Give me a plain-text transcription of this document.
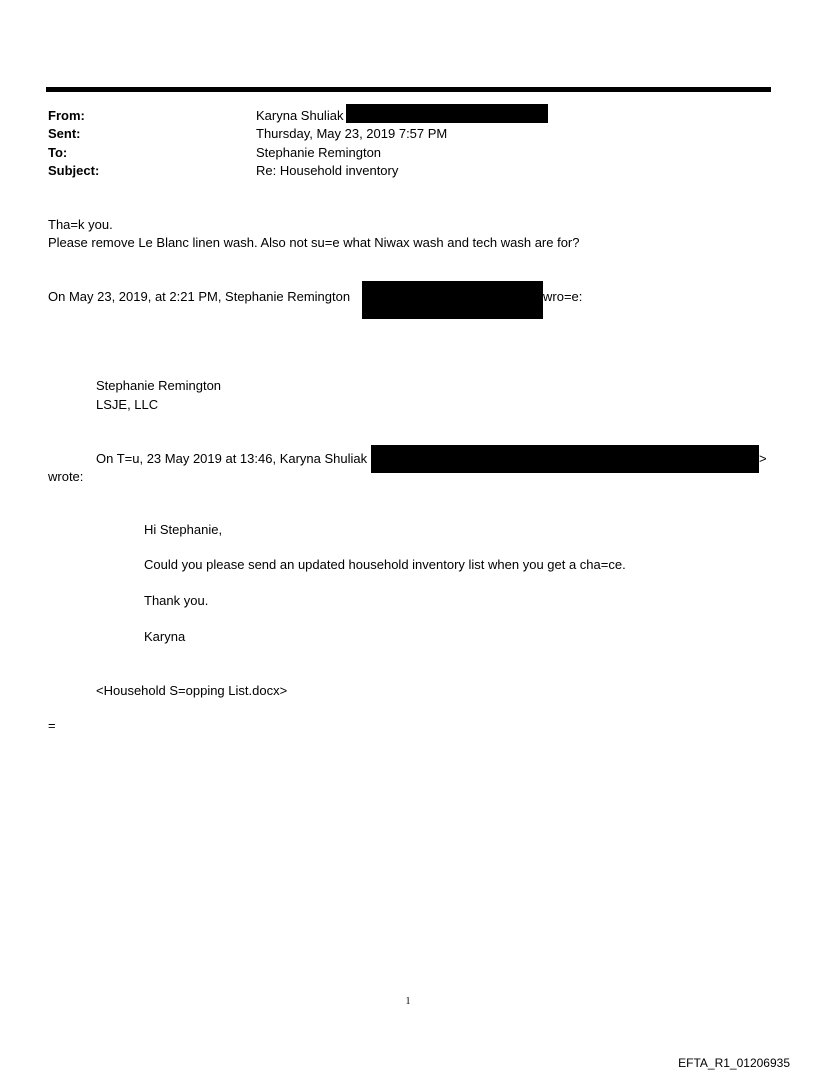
From:	Karyna Shuliak
Sent:	Thursday, May 23, 2019 7:57 PM
To:	Stephanie Remington
Subject:	Re: Household inventory
Tha=k you.
Please remove Le Blanc linen wash. Also not su=e what Niwax wash and tech wash are for?
On May 23, 2019, at 2:21 PM, Stephanie Remington	wro=e:
Stephanie Remington
LSJE, LLC
On T=u, 23 May 2019 at 13:46, Karyna Shuliak	>
wrote:
Hi Stephanie,
Could you please send an updated household inventory list when you get a cha=ce.
Thank you.
Karyna
<Household S=opping List.docx>
=
1
EFTA_R1_01206935
